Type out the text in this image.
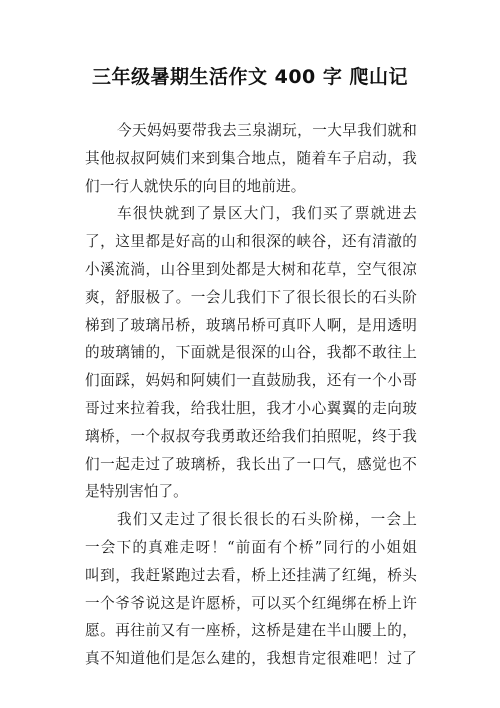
三年级暑期生活作文 400 字 爬山记
今天妈妈要带我去三泉湖玩，一大早我们就和
其他叔叔阿姨们来到集合地点，随着车子启动，我
们一行人就快乐的向目的地前进。
车很快就到了景区大门，我们买了票就进去
了，这里都是好高的山和很深的峡谷，还有清澈的
小溪流淌，山谷里到处都是大树和花草，空气很凉
爽，舒服极了。一会儿我们下了很长很长的石头阶
梯到了玻璃吊桥，玻璃吊桥可真吓人啊，是用透明
的玻璃铺的，下面就是很深的山谷，我都不敢往上
们面踩，妈妈和阿姨们一直鼓励我，还有一个小哥
哥过来拉着我，给我壮胆，我才小心翼翼的走向玻
璃桥，一个叔叔夸我勇敢还给我们拍照呢，终于我
们一起走过了玻璃桥，我长出了一口气，感觉也不
是特别害怕了。
我们又走过了很长很长的石头阶梯，一会上
一会下的真难走呀！“前面有个桥”同行的小姐姐
叫到，我赶紧跑过去看，桥上还挂满了红绳，桥头
一个爷爷说这是许愿桥，可以买个红绳绑在桥上许
愿。再往前又有一座桥，这桥是建在半山腰上的，
真不知道他们是怎么建的，我想肯定很难吧！过了
